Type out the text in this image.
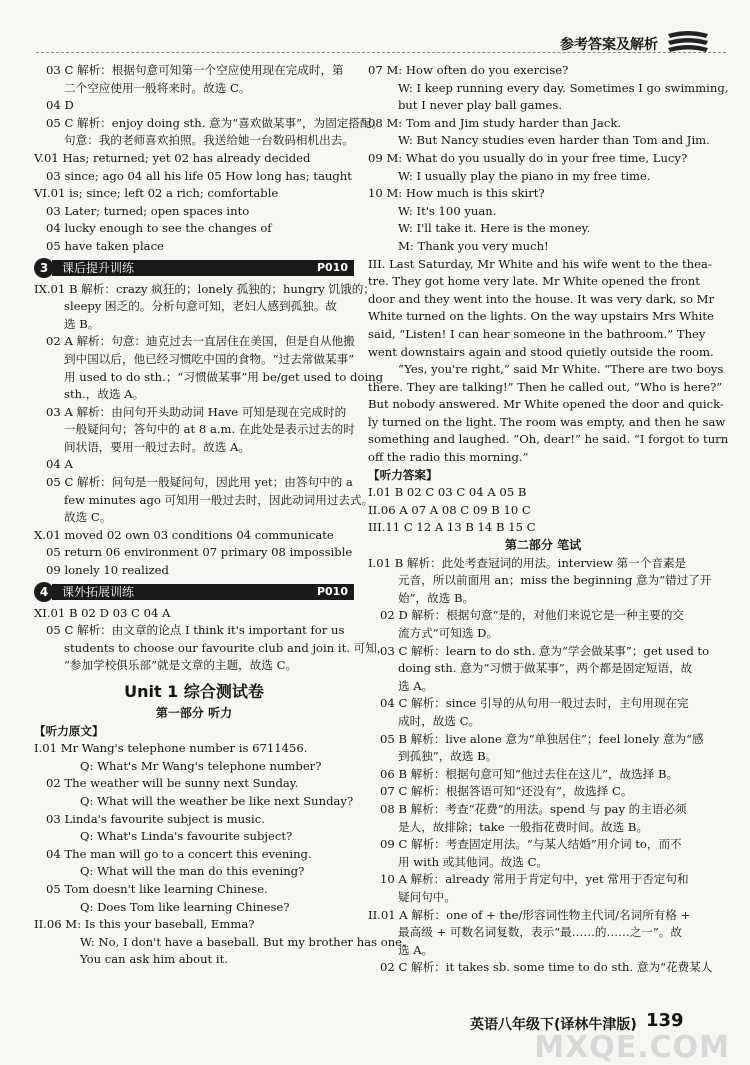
参考答案及解析
03 C 解析：根据句意可知第一个空应使用现在完成时，第
二个空应使用一般将来时。故选 C。
04 D
05 C 解析：enjoy doing sth. 意为“喜欢做某事”，为固定搭配。
句意：我的老师喜欢拍照。我送给她一台数码相机出去。
V.01 Has; returned; yet 02 has already decided
03 since; ago 04 all his life 05 How long has; taught
VI.01 is; since; left 02 a rich; comfortable
03 Later; turned; open spaces into
04 lucky enough to see the changes of
05 have taken place
3	课后提升训练	P010
IX.01 B 解析：crazy 疯狂的；lonely 孤独的；hungry 饥饿的；
sleepy 困乏的。分析句意可知，老妇人感到孤独。故
选 B。
02 A 解析：句意：迪克过去一直居住在美国，但是自从他搬
到中国以后，他已经习惯吃中国的食物。“过去常做某事”
用 used to do sth.；“习惯做某事”用 be/get used to doing
sth.，故选 A。
03 A 解析：由问句开头助动词 Have 可知是现在完成时的
一般疑问句；答句中的 at 8 a.m. 在此处是表示过去的时
间状语，要用一般过去时。故选 A。
04 A
05 C 解析：问句是一般疑问句，因此用 yet；由答句中的 a
few minutes ago 可知用一般过去时，因此动词用过去式。
故选 C。
X.01 moved 02 own 03 conditions 04 communicate
05 return 06 environment 07 primary 08 impossible
09 lonely 10 realized
4	课外拓展训练	P010
XI.01 B 02 D 03 C 04 A
05 C 解析：由文章的论点 I think it's important for us
students to choose our favourite club and join it. 可知，
“参加学校俱乐部”就是文章的主题，故选 C。
Unit 1 综合测试卷
第一部分 听力
【听力原文】
I.01 Mr Wang's telephone number is 6711456.
Q: What's Mr Wang's telephone number?
02 The weather will be sunny next Sunday.
Q: What will the weather be like next Sunday?
03 Linda's favourite subject is music.
Q: What's Linda's favourite subject?
04 The man will go to a concert this evening.
Q: What will the man do this evening?
05 Tom doesn't like learning Chinese.
Q: Does Tom like learning Chinese?
II.06 M: Is this your baseball, Emma?
W: No, I don't have a baseball. But my brother has one.
You can ask him about it.
07 M: How often do you exercise?
W: I keep running every day. Sometimes I go swimming,
but I never play ball games.
08 M: Tom and Jim study harder than Jack.
W: But Nancy studies even harder than Tom and Jim.
09 M: What do you usually do in your free time, Lucy?
W: I usually play the piano in my free time.
10 M: How much is this skirt?
W: It's 100 yuan.
W: I'll take it. Here is the money.
M: Thank you very much!
III. Last Saturday, Mr White and his wife went to the thea-
tre. They got home very late. Mr White opened the front
door and they went into the house. It was very dark, so Mr
White turned on the lights. On the way upstairs Mrs White
said, “Listen! I can hear someone in the bathroom.” They
went downstairs again and stood quietly outside the room.
“Yes, you're right,” said Mr White. “There are two boys
there. They are talking!” Then he called out, “Who is here?”
But nobody answered. Mr White opened the door and quick-
ly turned on the light. The room was empty, and then he saw
something and laughed. “Oh, dear!” he said. “I forgot to turn
off the radio this morning.”
【听力答案】
I.01 B 02 C 03 C 04 A 05 B
II.06 A 07 A 08 C 09 B 10 C
III.11 C 12 A 13 B 14 B 15 C
第二部分 笔试
I.01 B 解析：此处考查冠词的用法。interview 第一个音素是
元音，所以前面用 an；miss the beginning 意为“错过了开
始”，故选 B。
02 D 解析：根据句意“是的，对他们来说它是一种主要的交
流方式”可知选 D。
03 C 解析：learn to do sth. 意为“学会做某事”；get used to
doing sth. 意为“习惯于做某事”，两个都是固定短语，故
选 A。
04 C 解析：since 引导的从句用一般过去时，主句用现在完
成时，故选 C。
05 B 解析：live alone 意为“单独居住”；feel lonely 意为“感
到孤独”，故选 B。
06 B 解析：根据句意可知“他过去住在这儿”，故选择 B。
07 C 解析：根据答语可知“还没有”，故选择 C。
08 B 解析：考查“花费”的用法。spend 与 pay 的主语必须
是人，故排除；take 一般指花费时间。故选 B。
09 C 解析：考查固定用法。“与某人结婚”用介词 to，而不
用 with 或其他词。故选 C。
10 A 解析：already 常用于肯定句中，yet 常用于否定句和
疑问句中。
II.01 A 解析：one of + the/形容词性物主代词/名词所有格 +
最高级 + 可数名词复数，表示“最……的……之一”。故
选 A。
02 C 解析：it takes sb. some time to do sth. 意为“花费某人
英语八年级下(译林牛津版) 139
MXQE.COM
